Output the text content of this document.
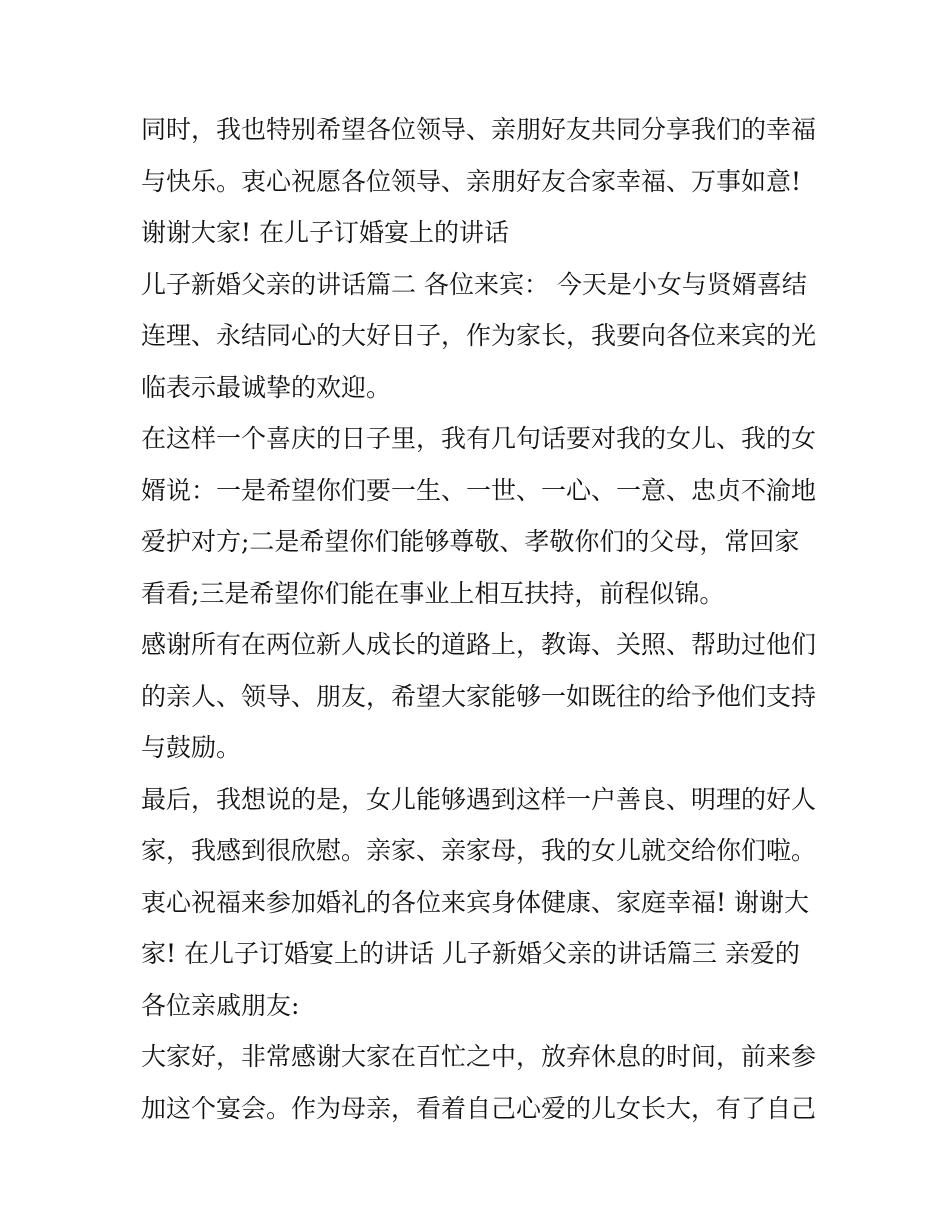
同时，我也特别希望各位领导、亲朋好友共同分享我们的幸福
与快乐。衷心祝愿各位领导、亲朋好友合家幸福、万事如意!
谢谢大家! 在儿子订婚宴上的讲话
儿子新婚父亲的讲话篇二 各位来宾： 今天是小女与贤婿喜结
连理、永结同心的大好日子，作为家长，我要向各位来宾的光
临表示最诚挚的欢迎。
在这样一个喜庆的日子里，我有几句话要对我的女儿、我的女
婿说：一是希望你们要一生、一世、一心、一意、忠贞不渝地
爱护对方;二是希望你们能够尊敬、孝敬你们的父母，常回家
看看;三是希望你们能在事业上相互扶持，前程似锦。
感谢所有在两位新人成长的道路上，教诲、关照、帮助过他们
的亲人、领导、朋友，希望大家能够一如既往的给予他们支持
与鼓励。
最后，我想说的是，女儿能够遇到这样一户善良、明理的好人
家，我感到很欣慰。亲家、亲家母，我的女儿就交给你们啦。
衷心祝福来参加婚礼的各位来宾身体健康、家庭幸福! 谢谢大
家! 在儿子订婚宴上的讲话 儿子新婚父亲的讲话篇三 亲爱的
各位亲戚朋友:
大家好，非常感谢大家在百忙之中，放弃休息的时间，前来参
加这个宴会。作为母亲，看着自己心爱的儿女长大，有了自己
